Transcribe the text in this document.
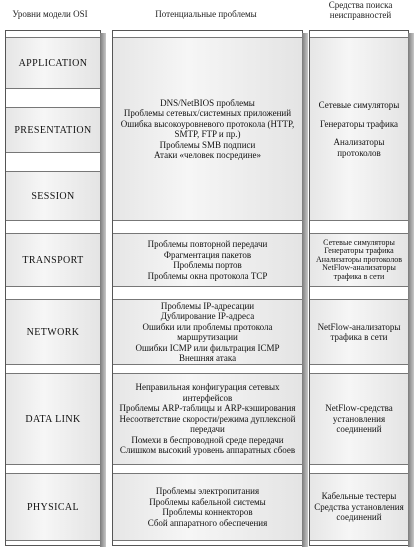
Уровни модели OSI	Потенциальные проблемы
Средства поиска неисправностей
APPLICATION
PRESENTATION
SESSION
TRANSPORT
NETWORK
DATA LINK
PHYSICAL

DNS/NetBIOS проблемы

Проблемы сетевых/системных приложений

Ошибка высокоуровневого протокола (HTTP, SMTP, FTP и пр.)

Проблемы SMB подписи

Атаки «человек посредине»

Проблемы повторной передачи

Фрагментация пакетов

Проблемы портов

Проблемы окна протокола TCP

Проблемы IP-адресации

Дублирование IP-адреса

Ошибки или проблемы протокола маршрутизации

Ошибки ICMP или фильтрация ICMP

Внешняя атака

Неправильная конфигурация сетевых интерфейсов

Проблемы ARP-таблицы и ARP-кэширования

Несоответствие скорости/режима дуплексной передачи

Помехи в беспроводной среде передачи

Слишком высокий уровень аппаратных сбоев

Проблемы электропитания

Проблемы кабельной системы

Проблемы коннекторов

Сбой аппаратного обеспечения

Сетевые симуляторы

Генераторы трафика

Анализаторы протоколов

Сетевые симуляторы

Генераторы трафика

Анализаторы протоколов

NetFlow-анализаторы трафика в сети

NetFlow-анализаторы трафика в сети

NetFlow-средства установления соединений

Кабельные тестеры

Средства установления соединений
